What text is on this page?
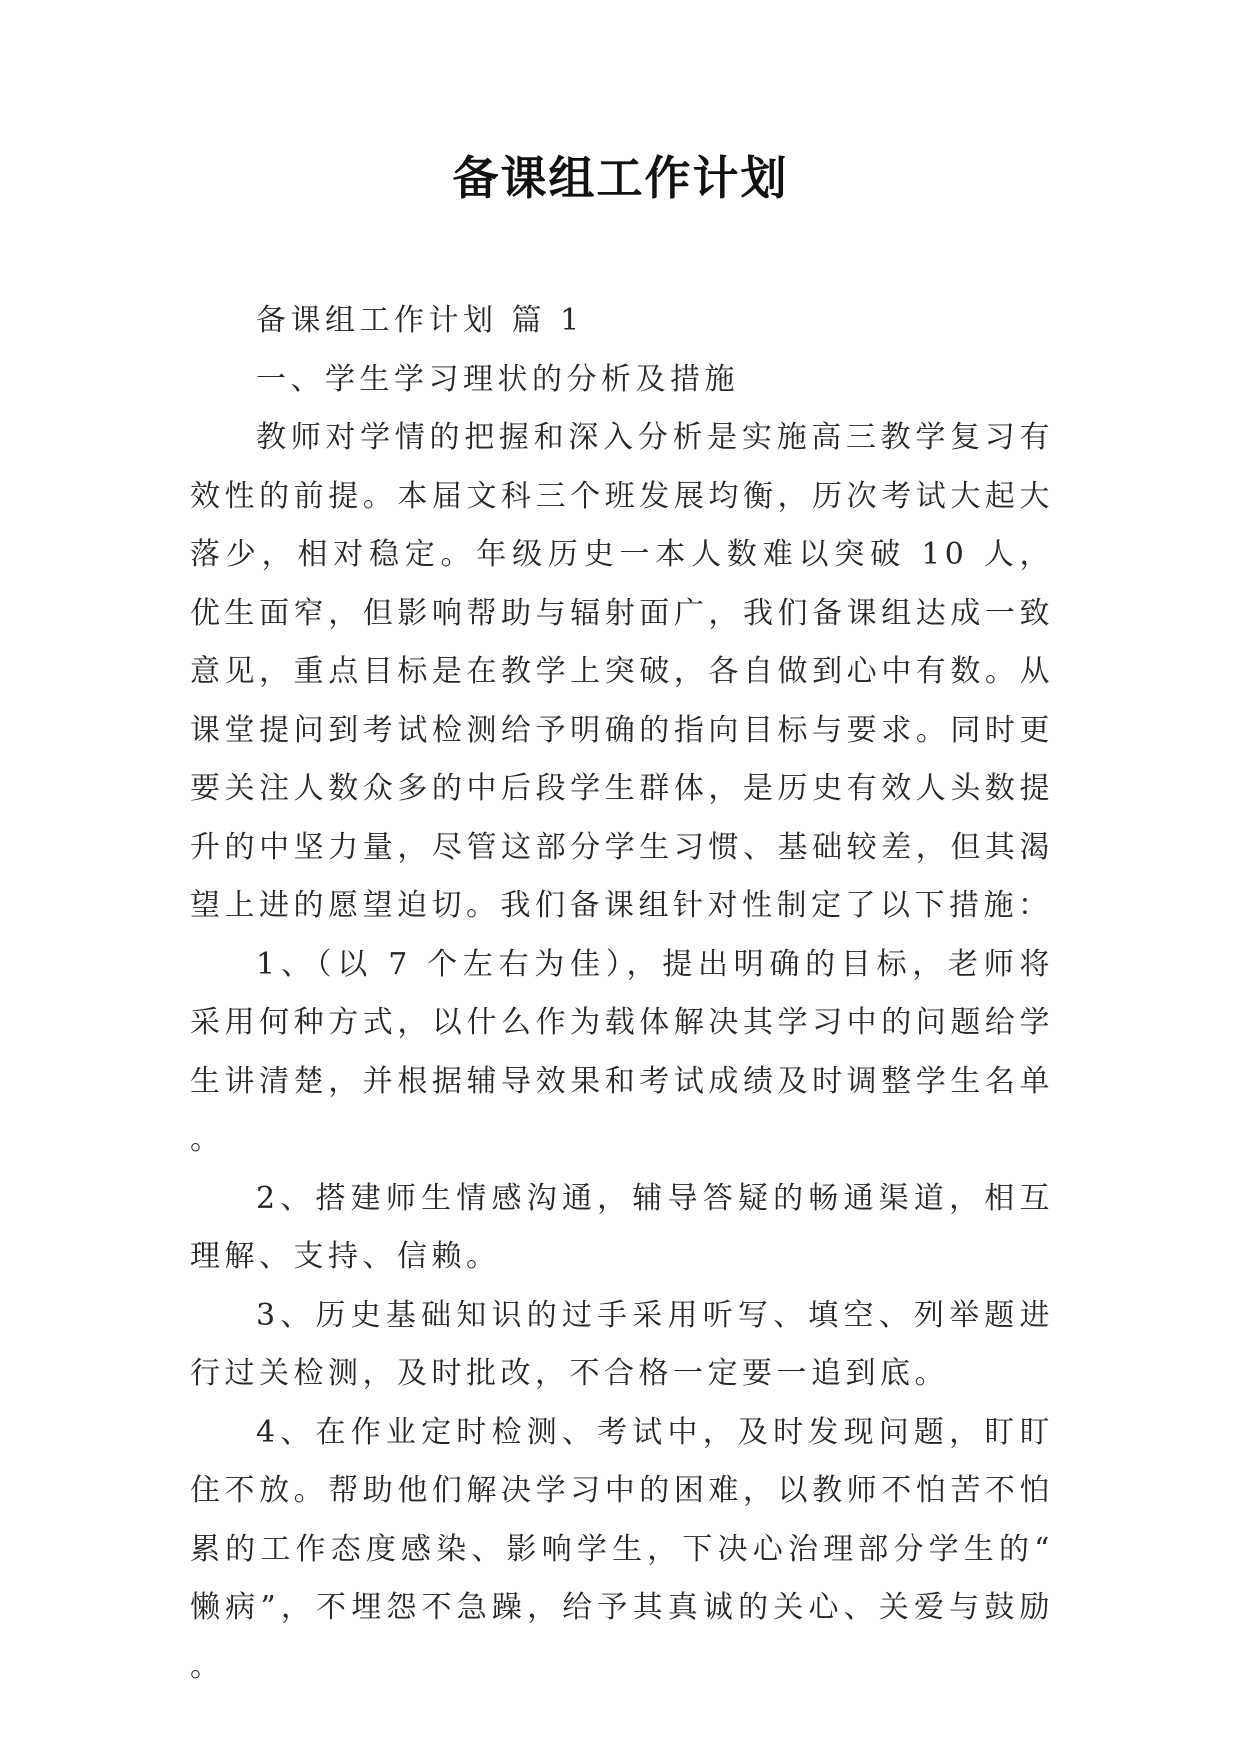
备课组工作计划

备课组工作计划 篇 1

一、学生学习理状的分析及措施

教师对学情的把握和深入分析是实施高三教学复习有效性的前提。本届文科三个班发展均衡，历次考试大起大落少，相对稳定。年级历史一本人数难以突破 10 人，优生面窄，但影响帮助与辐射面广，我们备课组达成一致意见，重点目标是在教学上突破，各自做到心中有数。从课堂提问到考试检测给予明确的指向目标与要求。同时更要关注人数众多的中后段学生群体，是历史有效人头数提升的中坚力量，尽管这部分学生习惯、基础较差，但其渴望上进的愿望迫切。我们备课组针对性制定了以下措施：

1、（以 7 个左右为佳），提出明确的目标，老师将采用何种方式，以什么作为载体解决其学习中的问题给学生讲清楚，并根据辅导效果和考试成绩及时调整学生名单。

2、搭建师生情感沟通，辅导答疑的畅通渠道，相互理解、支持、信赖。

3、历史基础知识的过手采用听写、填空、列举题进行过关检测，及时批改，不合格一定要一追到底。

4、在作业定时检测、考试中，及时发现问题，盯盯住不放。帮助他们解决学习中的困难，以教师不怕苦不怕累的工作态度感染、影响学生，下决心治理部分学生的“懒病”，不埋怨不急躁，给予其真诚的关心、关爱与鼓励。
